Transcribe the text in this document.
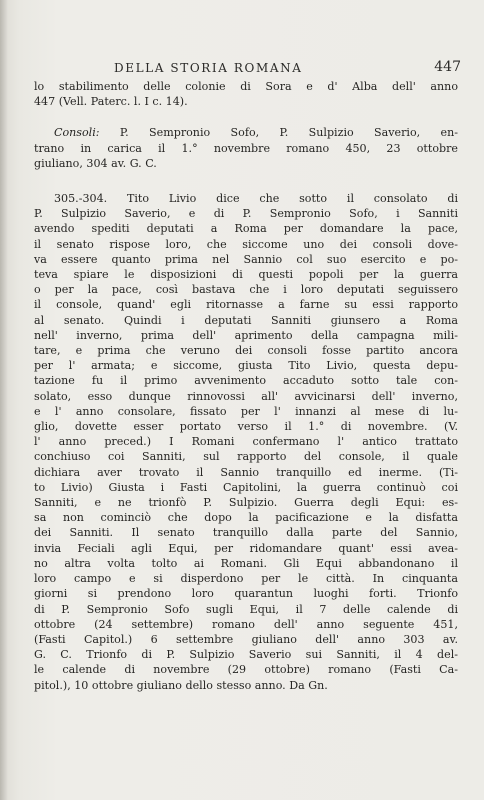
DELLA STORIA ROMANA	447

lo stabilimento delle colonie di Sora e d' Alba dell' anno
447 (Vell. Paterc. l. I c. 14).

Consoli: P. Sempronio Sofo, P. Sulpizio Saverio, en-
trano in carica il 1.° novembre romano 450, 23 ottobre
giuliano, 304 av. G. C.

305.-304. Tito Livio dice che sotto il consolato di
P. Sulpizio Saverio, e di P. Sempronio Sofo, i Sanniti
avendo spediti deputati a Roma per domandare la pace,
il senato rispose loro, che siccome uno dei consoli dove-
va essere quanto prima nel Sannio col suo esercito e po-
teva spiare le disposizioni di questi popoli per la guerra
o per la pace, così bastava che i loro deputati seguissero
il console, quand' egli ritornasse a farne su essi rapporto
al senato. Quindi i deputati Sanniti giunsero a Roma
nell' inverno, prima dell' aprimento della campagna mili-
tare, e prima che veruno dei consoli fosse partito ancora
per l' armata; e siccome, giusta Tito Livio, questa depu-
tazione fu il primo avvenimento accaduto sotto tale con-
solato, esso dunque rinnovossi all' avvicinarsi dell' inverno,
e l' anno consolare, fissato per l' innanzi al mese di lu-
glio, dovette esser portato verso il 1.° di novembre. (V.
l' anno preced.) I Romani confermano l' antico trattato
conchiuso coi Sanniti, sul rapporto del console, il quale
dichiara aver trovato il Sannio tranquillo ed inerme. (Ti-
to Livio) Giusta i Fasti Capitolini, la guerra continuò coi
Sanniti, e ne trionfò P. Sulpizio. Guerra degli Equi: es-
sa non cominciò che dopo la pacificazione e la disfatta
dei Sanniti. Il senato tranquillo dalla parte del Sannio,
invia Feciali agli Equi, per ridomandare quant' essi avea-
no altra volta tolto ai Romani. Gli Equi abbandonano il
loro campo e si disperdono per le città. In cinquanta
giorni si prendono loro quarantun luoghi forti. Trionfo
di P. Sempronio Sofo sugli Equi, il 7 delle calende di
ottobre (24 settembre) romano dell' anno seguente 451,
(Fasti Capitol.) 6 settembre giuliano dell' anno 303 av.
G. C. Trionfo di P. Sulpizio Saverio sui Sanniti, il 4 del-
le calende di novembre (29 ottobre) romano (Fasti Ca-
pitol.), 10 ottobre giuliano dello stesso anno. Da Gn.
